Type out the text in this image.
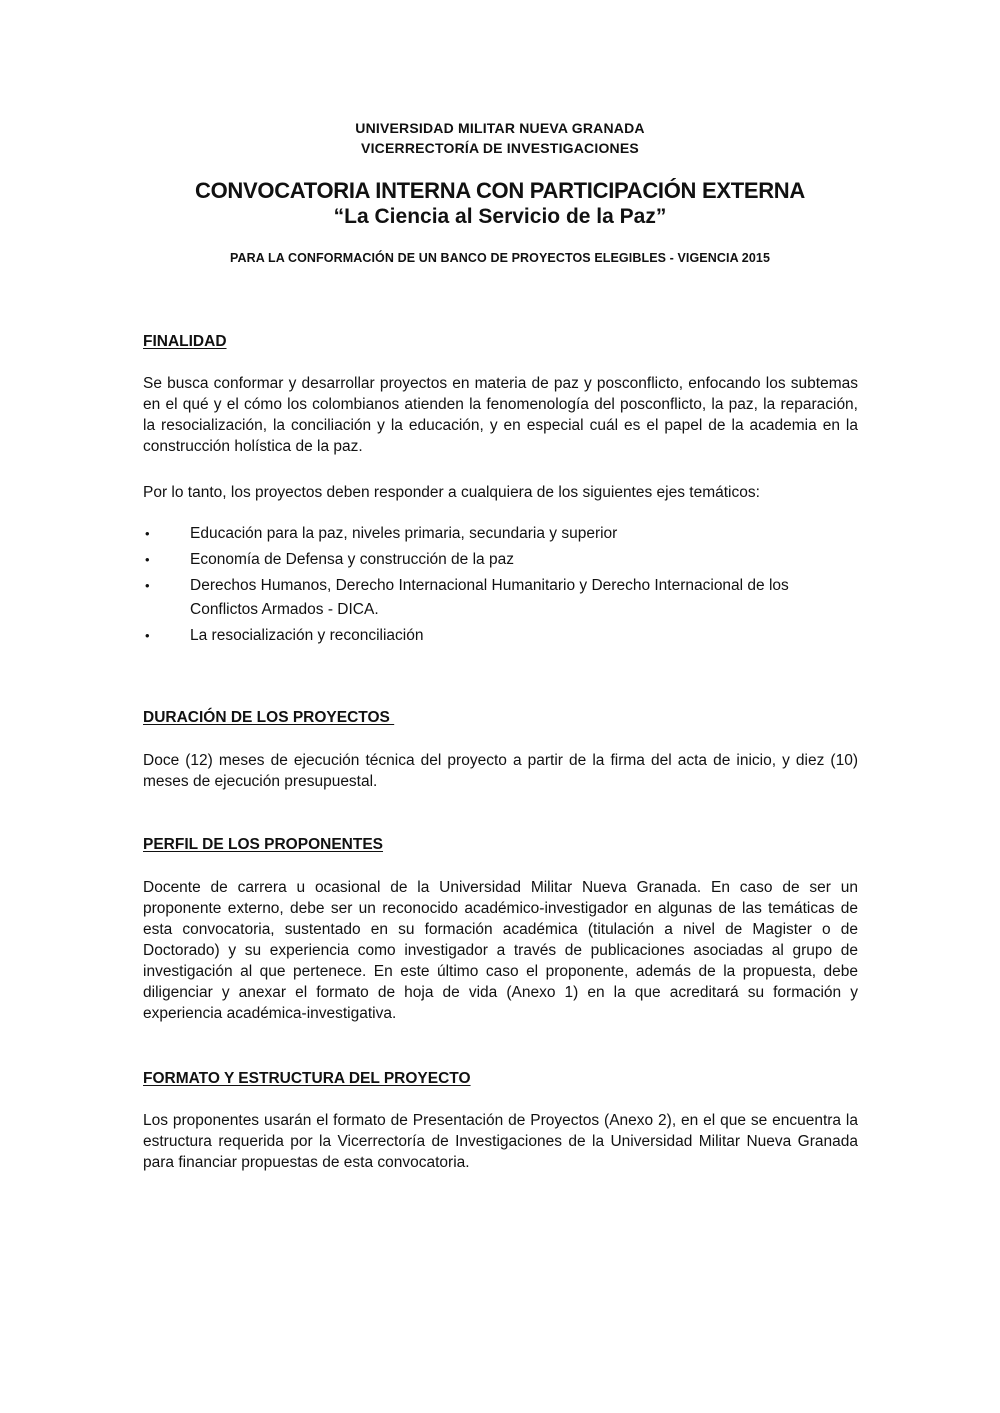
UNIVERSIDAD MILITAR NUEVA GRANADA
VICERRECTORÍA DE INVESTIGACIONES
CONVOCATORIA INTERNA CON PARTICIPACIÓN EXTERNA
“La Ciencia al Servicio de la Paz”
PARA LA CONFORMACIÓN DE UN BANCO DE PROYECTOS ELEGIBLES - VIGENCIA 2015
FINALIDAD

Se busca conformar y desarrollar proyectos en materia de paz y posconflicto, enfocando los subtemas en el qué y el cómo los colombianos atienden la fenomenología del posconflicto, la paz, la reparación, la resocialización, la conciliación y la educación, y en especial cuál es el papel de la academia en la construcción holística de la paz.

Por lo tanto, los proyectos deben responder a cualquiera de los siguientes ejes temáticos:

•	Educación para la paz, niveles primaria, secundaria y superior
•	Economía de Defensa y construcción de la paz
•	Derechos Humanos, Derecho Internacional Humanitario y Derecho Internacional de los Conflictos Armados - DICA.
•	La resocialización y reconciliación
DURACIÓN DE LOS PROYECTOS

Doce (12) meses de ejecución técnica del proyecto a partir de la firma del acta de inicio, y diez (10) meses de ejecución presupuestal.

PERFIL DE LOS PROPONENTES

Docente de carrera u ocasional de la Universidad Militar Nueva Granada. En caso de ser un proponente externo, debe ser un reconocido académico-investigador en algunas de las temáticas de esta convocatoria, sustentado en su formación académica (titulación a nivel de Magister o de Doctorado) y su experiencia como investigador a través de publicaciones asociadas al grupo de investigación al que pertenece. En este último caso el proponente, además de la propuesta, debe diligenciar y anexar el formato de hoja de vida (Anexo 1) en la que acreditará su formación y experiencia académica-investigativa.

FORMATO Y ESTRUCTURA DEL PROYECTO

Los proponentes usarán el formato de Presentación de Proyectos (Anexo 2), en el que se encuentra la estructura requerida por la Vicerrectoría de Investigaciones de la Universidad Militar Nueva Granada para financiar propuestas de esta convocatoria.
